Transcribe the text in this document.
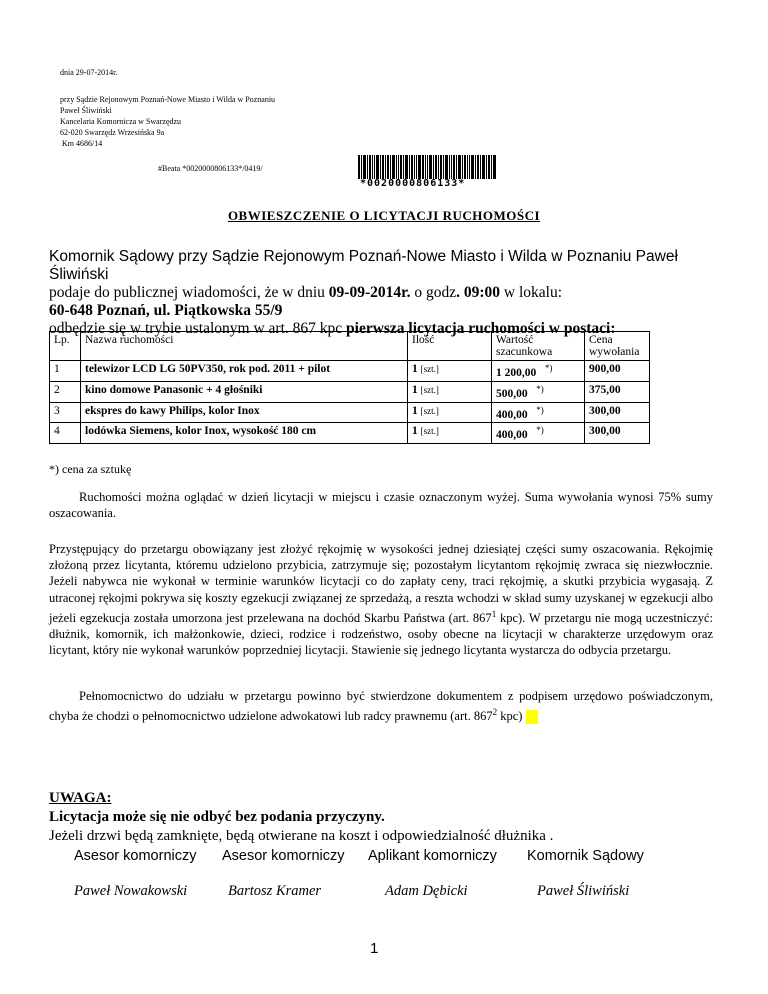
dnia 29-07-2014r.
przy Sądzie Rejonowym Poznań-Nowe Miasto i Wilda w Poznaniu
Paweł Śliwiński
Kancelaria Komornicza w Swarzędzu
62-020 Swarzędz Wrzesińska 9a
Km 4686/14
#Beata *0020000806133*/0419/
*0020000806133*
OBWIESZCZENIE O LICYTACJI RUCHOMOŚCI
Komornik Sądowy przy Sądzie Rejonowym Poznań-Nowe Miasto i Wilda w Poznaniu Paweł Śliwiński
podaje do publicznej wiadomości, że w dniu 09-09-2014r. o godz. 09:00 w lokalu:
60-648 Poznań, ul. Piątkowska 55/9
odbędzie się w trybie ustalonym w art. 867 kpc pierwsza licytacja ruchomości w postaci:
Lp.	Nazwa ruchomości	Ilość	Wartość szacunkowa	Cena wywołania
1	telewizor LCD LG 50PV350, rok pod. 2011 + pilot	1 [szt.]	1 200,00 *)	900,00
2	kino domowe Panasonic + 4 głośniki	1 [szt.]	500,00 *)	375,00
3	ekspres do kawy Philips, kolor Inox	1 [szt.]	400,00 *)	300,00
4	lodówka Siemens, kolor Inox, wysokość 180 cm	1 [szt.]	400,00 *)	300,00
*) cena za sztukę
Ruchomości można oglądać w dzień licytacji w miejscu i czasie oznaczonym wyżej. Suma wywołania wynosi 75% sumy oszacowania.
Przystępujący do przetargu obowiązany jest złożyć rękojmię w wysokości jednej dziesiątej części sumy oszacowania. Rękojmię złożoną przez licytanta, któremu udzielono przybicia, zatrzymuje się; pozostałym licytantom rękojmię zwraca się niezwłocznie. Jeżeli nabywca nie wykonał w terminie warunków licytacji co do zapłaty ceny, traci rękojmię, a skutki przybicia wygasają. Z utraconej rękojmi pokrywa się koszty egzekucji związanej ze sprzedażą, a reszta wchodzi w skład sumy uzyskanej w egzekucji albo jeżeli egzekucja została umorzona jest przelewana na dochód Skarbu Państwa (art. $867^1$ kpc). W przetargu nie mogą uczestniczyć: dłużnik, komornik, ich małżonkowie, dzieci, rodzice i rodzeństwo, osoby obecne na licytacji w charakterze urzędowym oraz licytant, który nie wykonał warunków poprzedniej licytacji. Stawienie się jednego licytanta wystarcza do odbycia przetargu.
Pełnomocnictwo do udziału w przetargu powinno być stwierdzone dokumentem z podpisem urzędowo poświadczonym, chyba że chodzi o pełnomocnictwo udzielone adwokatowi lub radcy prawnemu (art. $867^2$ kpc)
UWAGA:
Licytacja może się nie odbyć bez podania przyczyny.
Jeżeli drzwi będą zamknięte, będą otwierane na koszt i odpowiedzialność dłużnika .
Asesor komorniczy Asesor komorniczy Aplikant komorniczy Komornik Sądowy
Paweł Nowakowski	Bartosz Kramer	Adam Dębicki	Paweł Śliwiński
1
